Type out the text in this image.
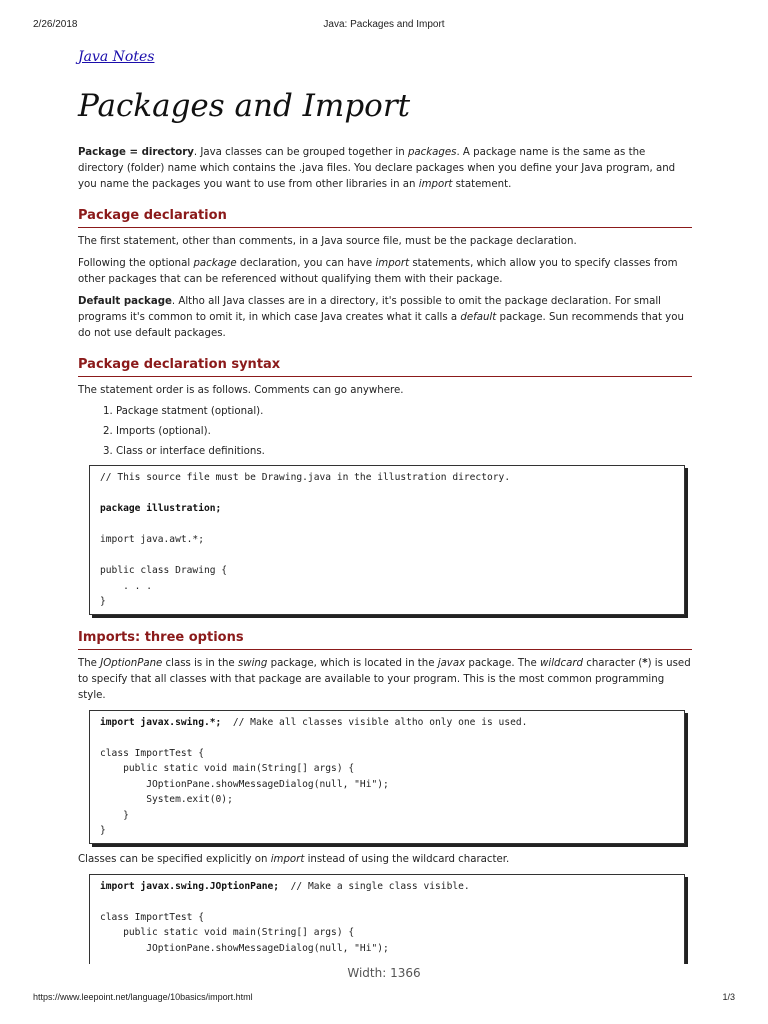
2/26/2018	Java: Packages and Import
Java Notes
Packages and Import

Package = directory. Java classes can be grouped together in packages. A package name is the same as the directory (folder) name which contains the .java files. You declare packages when you define your Java program, and you name the packages you want to use from other libraries in an import statement.

Package declaration

The first statement, other than comments, in a Java source file, must be the package declaration.

Following the optional package declaration, you can have import statements, which allow you to specify classes from other packages that can be referenced without qualifying them with their package.

Default package. Altho all Java classes are in a directory, it's possible to omit the package declaration. For small programs it's common to omit it, in which case Java creates what it calls a default package. Sun recommends that you do not use default packages.

Package declaration syntax

The statement order is as follows. Comments can go anywhere.

1. Package statment (optional).
2. Imports (optional).
3. Class or interface definitions.
// This source file must be Drawing.java in the illustration directory.

package illustration;

import java.awt.*;

public class Drawing {
. . .
}
Imports: three options

The JOptionPane class is in the swing package, which is located in the javax package. The wildcard character (*) is used to specify that all classes with that package are available to your program. This is the most common programming style.

import javax.swing.*;  // Make all classes visible altho only one is used.

class ImportTest {
public static void main(String[] args) {
JOptionPane.showMessageDialog(null, "Hi");
System.exit(0);
}
}

Classes can be specified explicitly on import instead of using the wildcard character.

import javax.swing.JOptionPane;  // Make a single class visible.

class ImportTest {
public static void main(String[] args) {
JOptionPane.showMessageDialog(null, "Hi");
Width: 1366
https://www.leepoint.net/language/10basics/import.html	1/3
